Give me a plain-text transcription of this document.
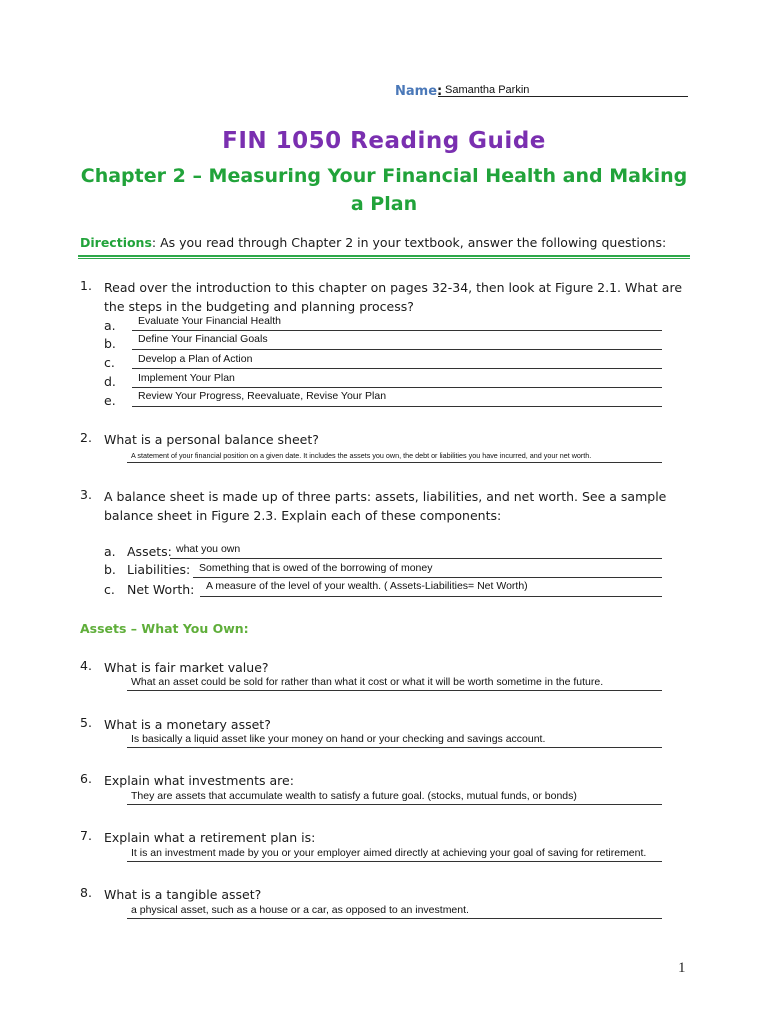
Name: Samantha Parkin
FIN 1050 Reading Guide
Chapter 2 – Measuring Your Financial Health and Making a Plan
Directions: As you read through Chapter 2 in your textbook, answer the following questions:
1. Read over the introduction to this chapter on pages 32-34, then look at Figure 2.1. What are the steps in the budgeting and planning process?
a. Evaluate Your Financial Health
b. Define Your Financial Goals
c. Develop a Plan of Action
d. Implement Your Plan
e. Review Your Progress, Reevaluate, Revise Your Plan
2. What is a personal balance sheet?
A statement of your financial position on a given date. It includes the assets you own, the debt or liabilities you have incurred, and your net worth.
3. A balance sheet is made up of three parts: assets, liabilities, and net worth. See a sample balance sheet in Figure 2.3. Explain each of these components:
a. Assets: what you own
b. Liabilities: Something that is owed of the borrowing of money
c. Net Worth: A measure of the level of your wealth. ( Assets-Liabilities= Net Worth)
Assets – What You Own:
4. What is fair market value?
What an asset could be sold for rather than what it cost or what it will be worth sometime in the future.
5. What is a monetary asset?
Is basically a liquid asset like your money on hand or your checking and savings account.
6. Explain what investments are:
They are assets that accumulate wealth to satisfy a future goal. (stocks, mutual funds, or bonds)
7. Explain what a retirement plan is:
It is an investment made by you or your employer aimed directly at achieving your goal of saving for retirement.
8. What is a tangible asset?
a physical asset, such as a house or a car, as opposed to an investment.
1
